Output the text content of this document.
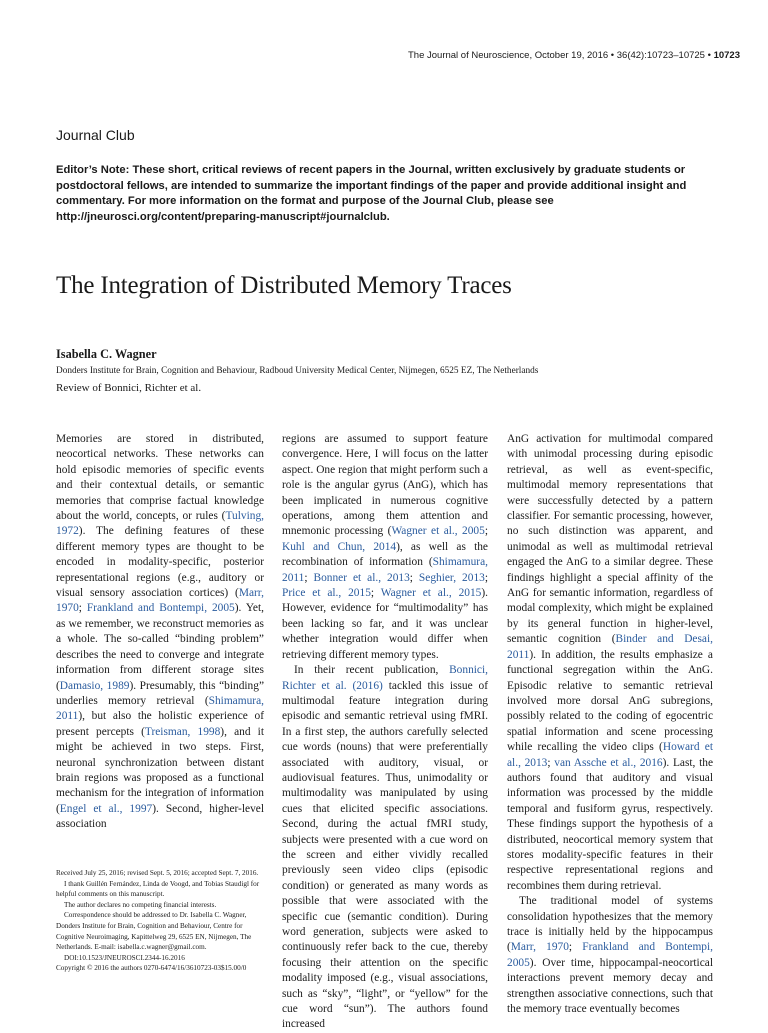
The Journal of Neuroscience, October 19, 2016 • 36(42):10723–10725 • 10723
Journal Club
Editor’s Note: These short, critical reviews of recent papers in the Journal, written exclusively by graduate students or postdoctoral fellows, are intended to summarize the important findings of the paper and provide additional insight and commentary. For more information on the format and purpose of the Journal Club, please see http://jneurosci.org/content/preparing-manuscript#journalclub.
The Integration of Distributed Memory Traces
Isabella C. Wagner
Donders Institute for Brain, Cognition and Behaviour, Radboud University Medical Center, Nijmegen, 6525 EZ, The Netherlands
Review of Bonnici, Richter et al.

Memories are stored in distributed, neocortical networks. These networks can hold episodic memories of specific events and their contextual details, or semantic memories that comprise factual knowledge about the world, concepts, or rules (Tulving, 1972). The defining features of these different memory types are thought to be encoded in modality-specific, posterior representational regions (e.g., auditory or visual sensory association cortices) (Marr, 1970; Frankland and Bontempi, 2005). Yet, as we remember, we reconstruct memories as a whole. The so-called “binding problem” describes the need to converge and integrate information from different storage sites (Damasio, 1989). Presumably, this “binding” underlies memory retrieval (Shimamura, 2011), but also the holistic experience of present percepts (Treisman, 1998), and it might be achieved in two steps. First, neuronal synchronization between distant brain regions was proposed as a functional mechanism for the integration of information (Engel et al., 1997). Second, higher-level association

regions are assumed to support feature convergence. Here, I will focus on the latter aspect. One region that might perform such a role is the angular gyrus (AnG), which has been implicated in numerous cognitive operations, among them attention and mnemonic processing (Wagner et al., 2005; Kuhl and Chun, 2014), as well as the recombination of information (Shimamura, 2011; Bonner et al., 2013; Seghier, 2013; Price et al., 2015; Wagner et al., 2015). However, evidence for “multimodality” has been lacking so far, and it was unclear whether integration would differ when retrieving different memory types.

In their recent publication, Bonnici, Richter et al. (2016) tackled this issue of multimodal feature integration during episodic and semantic retrieval using fMRI. In a first step, the authors carefully selected cue words (nouns) that were preferentially associated with auditory, visual, or audiovisual features. Thus, unimodality or multimodality was manipulated by using cues that elicited specific associations. Second, during the actual fMRI study, subjects were presented with a cue word on the screen and either vividly recalled previously seen video clips (episodic condition) or generated as many words as possible that were associated with the specific cue (semantic condition). During word generation, subjects were asked to continuously refer back to the cue, thereby focusing their attention on the specific modality imposed (e.g., visual associations, such as “sky”, “light”, or “yellow” for the cue word “sun”). The authors found increased

AnG activation for multimodal compared with unimodal processing during episodic retrieval, as well as event-specific, multimodal memory representations that were successfully detected by a pattern classifier. For semantic processing, however, no such distinction was apparent, and unimodal as well as multimodal retrieval engaged the AnG to a similar degree. These findings highlight a special affinity of the AnG for semantic information, regardless of modal complexity, which might be explained by its general function in higher-level, semantic cognition (Binder and Desai, 2011). In addition, the results emphasize a functional segregation within the AnG. Episodic relative to semantic retrieval involved more dorsal AnG subregions, possibly related to the coding of egocentric spatial information and scene processing while recalling the video clips (Howard et al., 2013; van Assche et al., 2016). Last, the authors found that auditory and visual information was processed by the middle temporal and fusiform gyrus, respectively. These findings support the hypothesis of a distributed, neocortical memory system that stores modality-specific features in their respective representational regions and recombines them during retrieval.

The traditional model of systems consolidation hypothesizes that the memory trace is initially held by the hippocampus (Marr, 1970; Frankland and Bontempi, 2005). Over time, hippocampal-neocortical interactions prevent memory decay and strengthen associative connections, such that the memory trace eventually becomes

Received July 25, 2016; revised Sept. 5, 2016; accepted Sept. 7, 2016.
I thank Guillén Fernández, Linda de Voogd, and Tobias Staudigl for helpful comments on this manuscript.
The author declares no competing financial interests.
Correspondence should be addressed to Dr. Isabella C. Wagner, Donders Institute for Brain, Cognition and Behaviour, Centre for Cognitive Neuroimaging, Kapittelweg 29, 6525 EN, Nijmegen, The Netherlands. E-mail: isabella.c.wagner@gmail.com.
DOI:10.1523/JNEUROSCI.2344-16.2016
Copyright © 2016 the authors 0270-6474/16/3610723-03$15.00/0
